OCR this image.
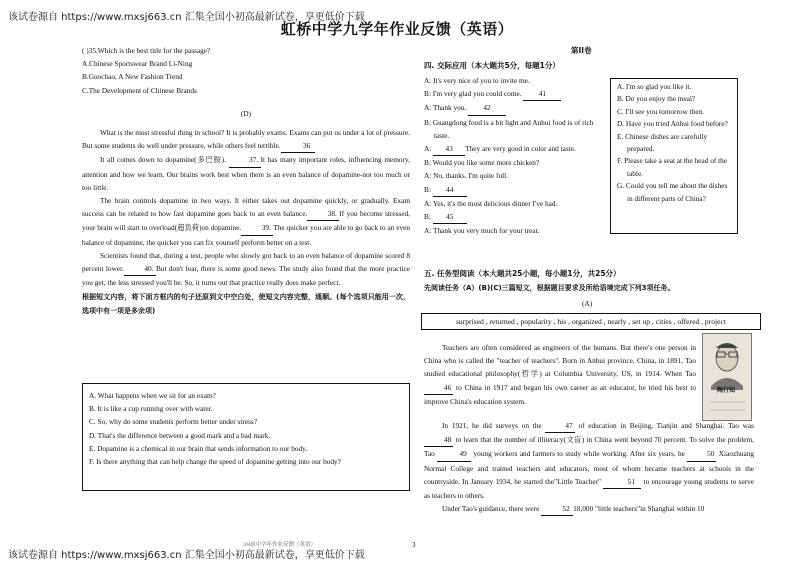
该试卷源自 https://www.mxsj663.cn 汇集全国小初高最新试卷，享更低价下载
虹桥中学九学年作业反馈（英语）

( )35.Which is the best title for the passage?

A.Chinese Sportswear Brand Li-Ning

B.Guochao, A New Fashion Trend

C.The Development of Chinese Brands

(D)

What is the most stressful thing in school? It is probably exams. Exams can put us under a lot of pressure. But some students do well under pressure, while others feel terrible.	36

It all comes down to dopamine(多巴胺).	37. It has many important roles, influencing memory, attention and how we learn. Our brains work best when there is an even balance of dopamine-not too much or too little.

The brain controls dopamine in two ways. It either takes out dopamine quickly, or gradually. Exam success can be related to how fast dopamine goes back to an even balance.	38. If you become stressed, your brain will start to overload(超负荷)on dopamine.	39. The quicker you are able to go back to an even balance of dopamine, the quicker you can fix yourself perform better on a test.

Scientists found that, during a test, people who slowly got back to an even balance of dopamine scored 8 percent lower.	40. But don't fear, there is some good news. The study also found that the more practice you get, the less stressed you'll be. So, it turns out that practice really does make perfect.

根据短文内容，将下面方框内的句子还原到文中空白处，使短文内容完整，通顺。(每个选项只能用一次，选项中有一项是多余项)

A. What happens when we sit for an exam?

B. It is like a cup running over with water.

C. So, why do some students perform better under stress?

D. That's the difference between a good mark and a bad mark.

E. Dopamine is a chemical in our brain that sends information to our body.

F. Is there anything that can help change the speed of dopamine getting into our body?

第II卷
四. 交际应用（本大题共5分，每题1分）

A: It's very nice of you to invite me.

B: I'm very glad you could come. 41

A: Thank you. 42

B: Guangdong food is a bit light and Anhui food is of rich taste.

A: 43 They are very good in color and taste.

B: Would you like some more chicken?

A: No, thanks. I'm quite full.

B: 44

A: Yes, it's the most delicious dinner I've had.

B: 45

A: Thank you very much for your treat.

A. I'm so glad you like it.

B. Do you enjoy the meal?

C. I'll see you tomorrow then.

D. Have you tried Anhui food before?

E. Chinese dishes are carefully prepared.

F. Please take a seat at the head of the table.

G. Could you tell me about the dishes in different parts of China?

五. 任务型阅读（本大题共25小题，每小题1分，共25分）
先阅读任务（A）(B)(C)三篇短文，根据题目要求及所给语境完成下列3项任务。
(A)
surprised , returned , popularity , his , organized , nearly , set up , cities , offered , project
陶行知

Teachers are often considered as engineers of the humans. But there's one person in China who is called the "teacher of teachers". Born in Anhui province, China, in 1891, Tao studied educational philosophy(哲学) at Columbia University, US, in 1914. When Tao 46 to China in 1917 and began his own career as an educator, he tried his best to improve China's education system.

In 1921, he did surveys on the	47 of education in Beijing, Tianjin and Shanghai. Tao was 48 to learn that the number of illiteracy(文盲) in China went beyond 70 percent. To solve the problem, Tao	49 young workers and farmers to study while working. After six years, he	50 Xiaozhuang Normal College and trained teachers and educators, most of whom became teachers at schools in the countryside. In January 1934, he started the"Little Teacher"	51 to encourage young students to serve as teachers to others.

Under Tao's guidance, there were	52 18,000 "little teachers"in Shanghai within 10

该试卷源自 https://www.mxsj663.cn 汇集全国小初高最新试卷，享更低价下载
3/8初中学年作业反馈（英语）	3
